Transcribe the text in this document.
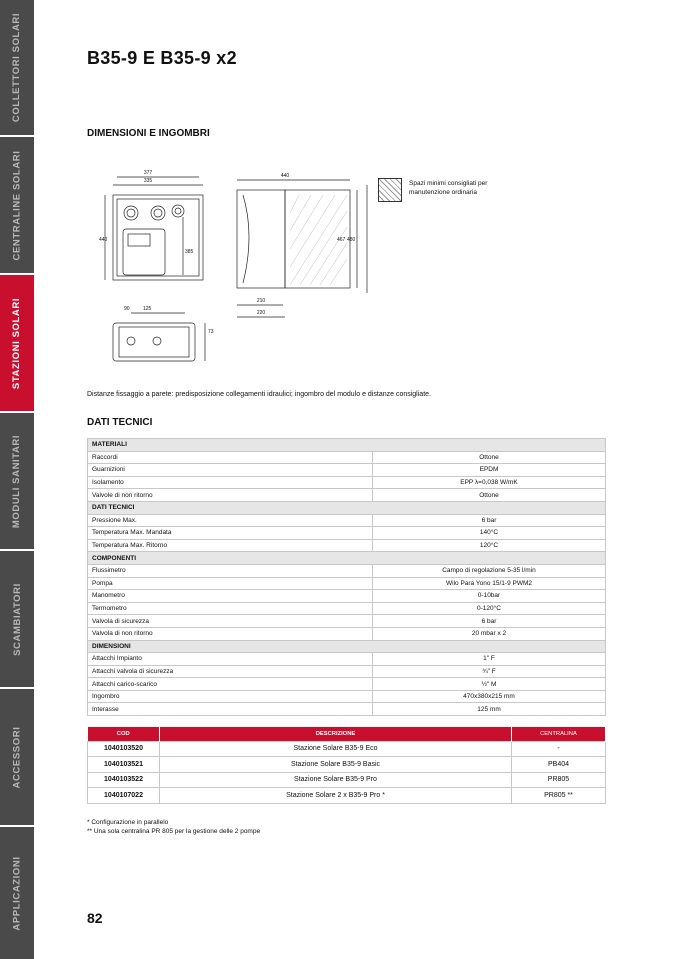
COLLETTORI SOLARI
CENTRALINE SOLARI
STAZIONI SOLARI
MODULI SANITARI
SCAMBIATORI
ACCESSORI
APPLICAZIONI
B35-9 E B35-9 x2
DIMENSIONI E INGOMBRI
377
335
440
385
440
467 480
210
220
90	125
73
Spazi minimi consigliati per manutenzione ordinaria
Distanze fissaggio a parete: predisposizione collegamenti idraulici; ingombro del modulo e distanze consigliate.
DATI TECNICI
MATERIALI	
Raccordi	Ottone
Guarnizioni	EPDM
Isolamento	EPP λ=0,038 W/mK
Valvole di non ritorno	Ottone
DATI TECNICI	
Pressione Max.	6 bar
Temperatura Max. Mandata	140°C
Temperatura Max. Ritorno	120°C
COMPONENTI	
Flussimetro	Campo di regolazione 5-35 l/min
Pompa	Wilo Para Yono 15/1-9 PWM2
Manometro	0-10bar
Termometro	0-120°C
Valvola di sicurezza	6 bar
Valvola di non ritorno	20 mbar x 2
DIMENSIONI	
Attacchi Impianto	1" F
Attacchi valvola di sicurezza	¾" F
Attacchi carico-scarico	½" M
Ingombro	470x380x215 mm
Interasse	125 mm
COD	DESCRIZIONE	CENTRALINA
1040103520	Stazione Solare B35-9 Eco	-
1040103521	Stazione Solare B35-9 Basic	PB404
1040103522	Stazione Solare B35-9 Pro	PR805
1040107022	Stazione Solare 2 x B35-9 Pro *	PR805 **
* Configurazione in parallelo
** Una sola centralina PR 805 per la gestione delle 2 pompe
82
